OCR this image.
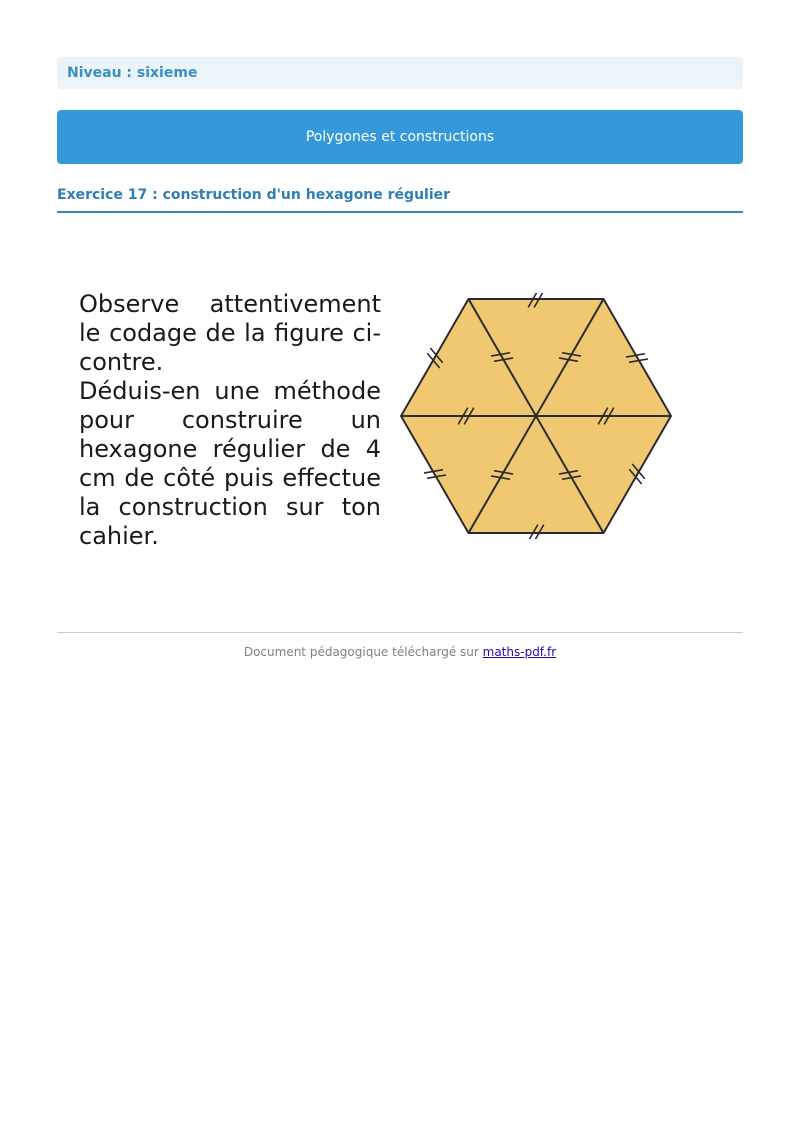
Niveau : sixieme
Polygones et constructions
Exercice 17 : construction d'un hexagone régulier

Observe attentivement le codage de la figure ci-contre.

Déduis-en une méthode pour construire un hexagone régulier de 4 cm de côté puis effectue la construction sur ton cahier.

Document pédagogique téléchargé sur maths-pdf.fr
